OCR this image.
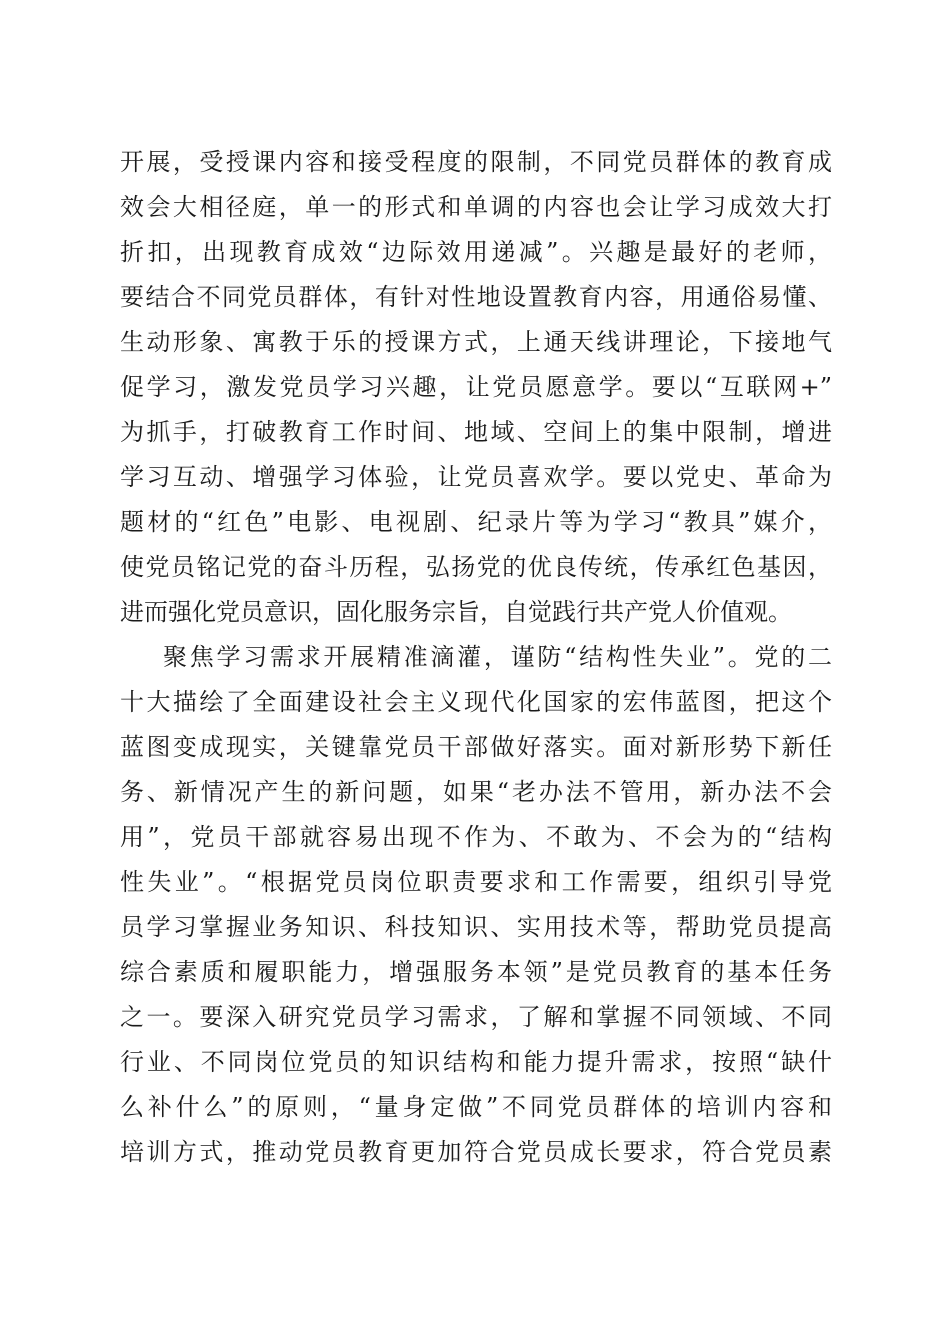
开展，受授课内容和接受程度的限制，不同党员群体的教育成
效会大相径庭，单一的形式和单调的内容也会让学习成效大打
折扣，出现教育成效“边际效用递减”。兴趣是最好的老师，
要结合不同党员群体，有针对性地设置教育内容，用通俗易懂、
生动形象、寓教于乐的授课方式，上通天线讲理论，下接地气
促学习，激发党员学习兴趣，让党员愿意学。要以“互联网+”
为抓手，打破教育工作时间、地域、空间上的集中限制，增进
学习互动、增强学习体验，让党员喜欢学。要以党史、革命为
题材的“红色”电影、电视剧、纪录片等为学习“教具”媒介，
使党员铭记党的奋斗历程，弘扬党的优良传统，传承红色基因，
进而强化党员意识，固化服务宗旨，自觉践行共产党人价值观。
聚焦学习需求开展精准滴灌，谨防“结构性失业”。党的二
十大描绘了全面建设社会主义现代化国家的宏伟蓝图，把这个
蓝图变成现实，关键靠党员干部做好落实。面对新形势下新任
务、新情况产生的新问题，如果“老办法不管用，新办法不会
用”，党员干部就容易出现不作为、不敢为、不会为的“结构
性失业”。“根据党员岗位职责要求和工作需要，组织引导党
员学习掌握业务知识、科技知识、实用技术等，帮助党员提高
综合素质和履职能力，增强服务本领”是党员教育的基本任务
之一。要深入研究党员学习需求，了解和掌握不同领域、不同
行业、不同岗位党员的知识结构和能力提升需求，按照“缺什
么补什么”的原则，“量身定做”不同党员群体的培训内容和
培训方式，推动党员教育更加符合党员成长要求，符合党员素
